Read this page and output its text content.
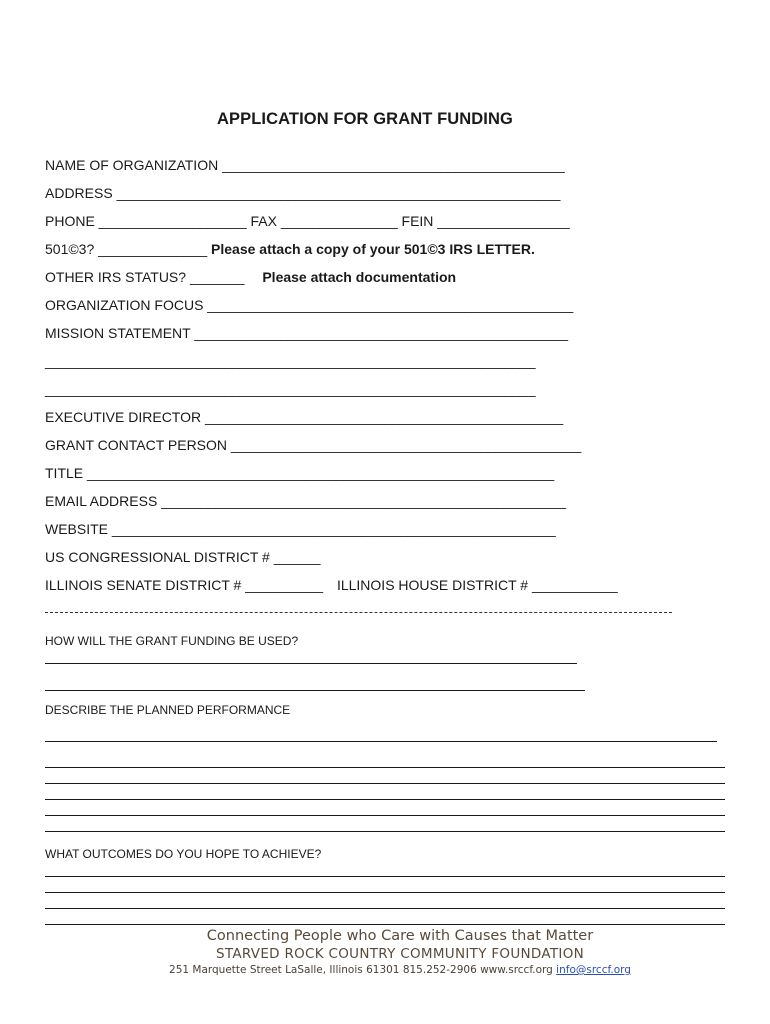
APPLICATION FOR GRANT FUNDING
NAME OF ORGANIZATION ____________________________________________
ADDRESS _________________________________________________________
PHONE ___________________ FAX _______________ FEIN _________________
501©3? ______________ Please attach a copy of your 501©3 IRS LETTER.
OTHER IRS STATUS? _______ Please attach documentation
ORGANIZATION FOCUS _______________________________________________
MISSION STATEMENT ________________________________________________
_______________________________________________________________
_______________________________________________________________
EXECUTIVE DIRECTOR ______________________________________________
GRANT CONTACT PERSON _____________________________________________
TITLE ____________________________________________________________
EMAIL ADDRESS ____________________________________________________
WEBSITE _________________________________________________________
US CONGRESSIONAL DISTRICT # ______
ILLINOIS SENATE DISTRICT # __________ ILLINOIS HOUSE DISTRICT # ___________
HOW WILL THE GRANT FUNDING BE USED?
DESCRIBE THE PLANNED PERFORMANCE
WHAT OUTCOMES DO YOU HOPE TO ACHIEVE?
Connecting People who Care with Causes that Matter
STARVED ROCK COUNTRY COMMUNITY FOUNDATION
251 Marquette Street LaSalle, Illinois 61301 815.252-2906 www.srccf.org info@srccf.org
